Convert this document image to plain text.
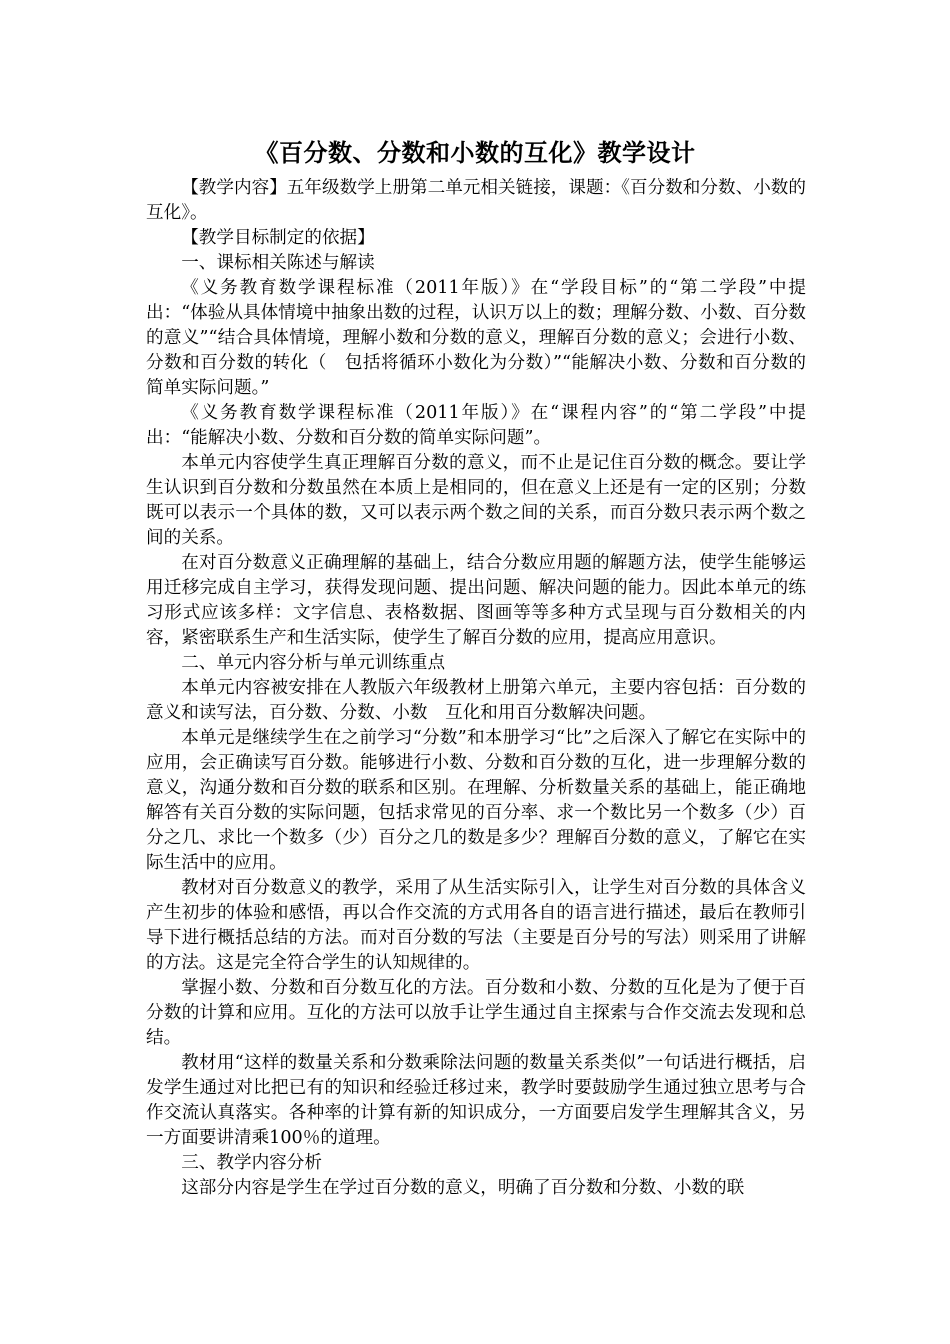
《百分数、分数和小数的互化》教学设计

【教学内容】五年级数学上册第二单元相关链接，课题：《百分数和分数、小数的互化》。

【教学目标制定的依据】

一、课标相关陈述与解读

《义务教育数学课程标准（2011年版）》在“学段目标”的“第二学段”中提出：“体验从具体情境中抽象出数的过程，认识万以上的数；理解分数、小数、百分数的意义”“结合具体情境，理解小数和分数的意义，理解百分数的意义；会进行小数、分数和百分数的转化（　包括将循环小数化为分数）”“能解决小数、分数和百分数的简单实际问题。”

《义务教育数学课程标准（2011年版）》在“课程内容”的“第二学段”中提出：“能解决小数、分数和百分数的简单实际问题”。

本单元内容使学生真正理解百分数的意义，而不止是记住百分数的概念。要让学生认识到百分数和分数虽然在本质上是相同的，但在意义上还是有一定的区别；分数既可以表示一个具体的数，又可以表示两个数之间的关系，而百分数只表示两个数之间的关系。

在对百分数意义正确理解的基础上，结合分数应用题的解题方法，使学生能够运用迁移完成自主学习，获得发现问题、提出问题、解决问题的能力。因此本单元的练习形式应该多样：文字信息、表格数据、图画等等多种方式呈现与百分数相关的内容，紧密联系生产和生活实际，使学生了解百分数的应用，提高应用意识。

二、单元内容分析与单元训练重点

本单元内容被安排在人教版六年级教材上册第六单元，主要内容包括：百分数的意义和读写法，百分数、分数、小数　互化和用百分数解决问题。

本单元是继续学生在之前学习“分数”和本册学习“比”之后深入了解它在实际中的应用，会正确读写百分数。能够进行小数、分数和百分数的互化，进一步理解分数的意义，沟通分数和百分数的联系和区别。在理解、分析数量关系的基础上，能正确地解答有关百分数的实际问题，包括求常见的百分率、求一个数比另一个数多（少）百分之几、求比一个数多（少）百分之几的数是多少？理解百分数的意义，了解它在实际生活中的应用。

教材对百分数意义的教学，采用了从生活实际引入，让学生对百分数的具体含义产生初步的体验和感悟，再以合作交流的方式用各自的语言进行描述，最后在教师引导下进行概括总结的方法。而对百分数的写法（主要是百分号的写法）则采用了讲解的方法。这是完全符合学生的认知规律的。

掌握小数、分数和百分数互化的方法。百分数和小数、分数的互化是为了便于百分数的计算和应用。互化的方法可以放手让学生通过自主探索与合作交流去发现和总结。

教材用“这样的数量关系和分数乘除法问题的数量关系类似”一句话进行概括，启发学生通过对比把已有的知识和经验迁移过来，教学时要鼓励学生通过独立思考与合作交流认真落实。各种率的计算有新的知识成分，一方面要启发学生理解其含义，另一方面要讲清乘100％的道理。

三、教学内容分析

这部分内容是学生在学过百分数的意义，明确了百分数和分数、小数的联
